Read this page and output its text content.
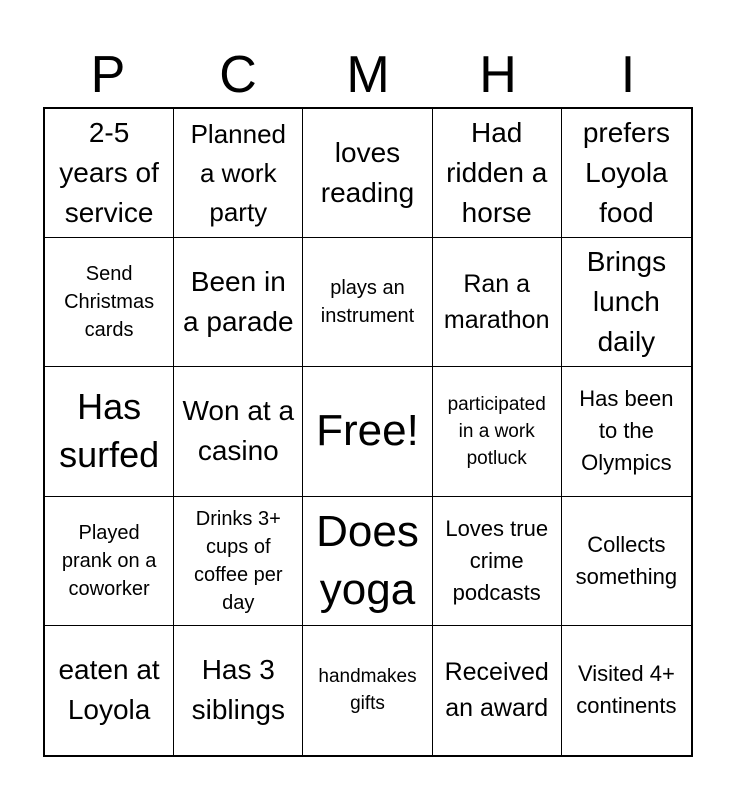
P	C	M	H	I
2-5 years of service
Planned a work party
loves reading
Had ridden a horse
prefers Loyola food
Send Christmas cards
Been in a parade
plays an instrument
Ran a marathon
Brings lunch daily
Has surfed
Won at a casino Free!
participated in a work potluck
Has been to the Olympics
Played prank on a coworker
Drinks 3+ cups of coffee per day
Does yoga
Loves true crime podcasts
Collects something
eaten at Loyola
Has 3 siblings
handmakes gifts
Received an award
Visited 4+ continents
